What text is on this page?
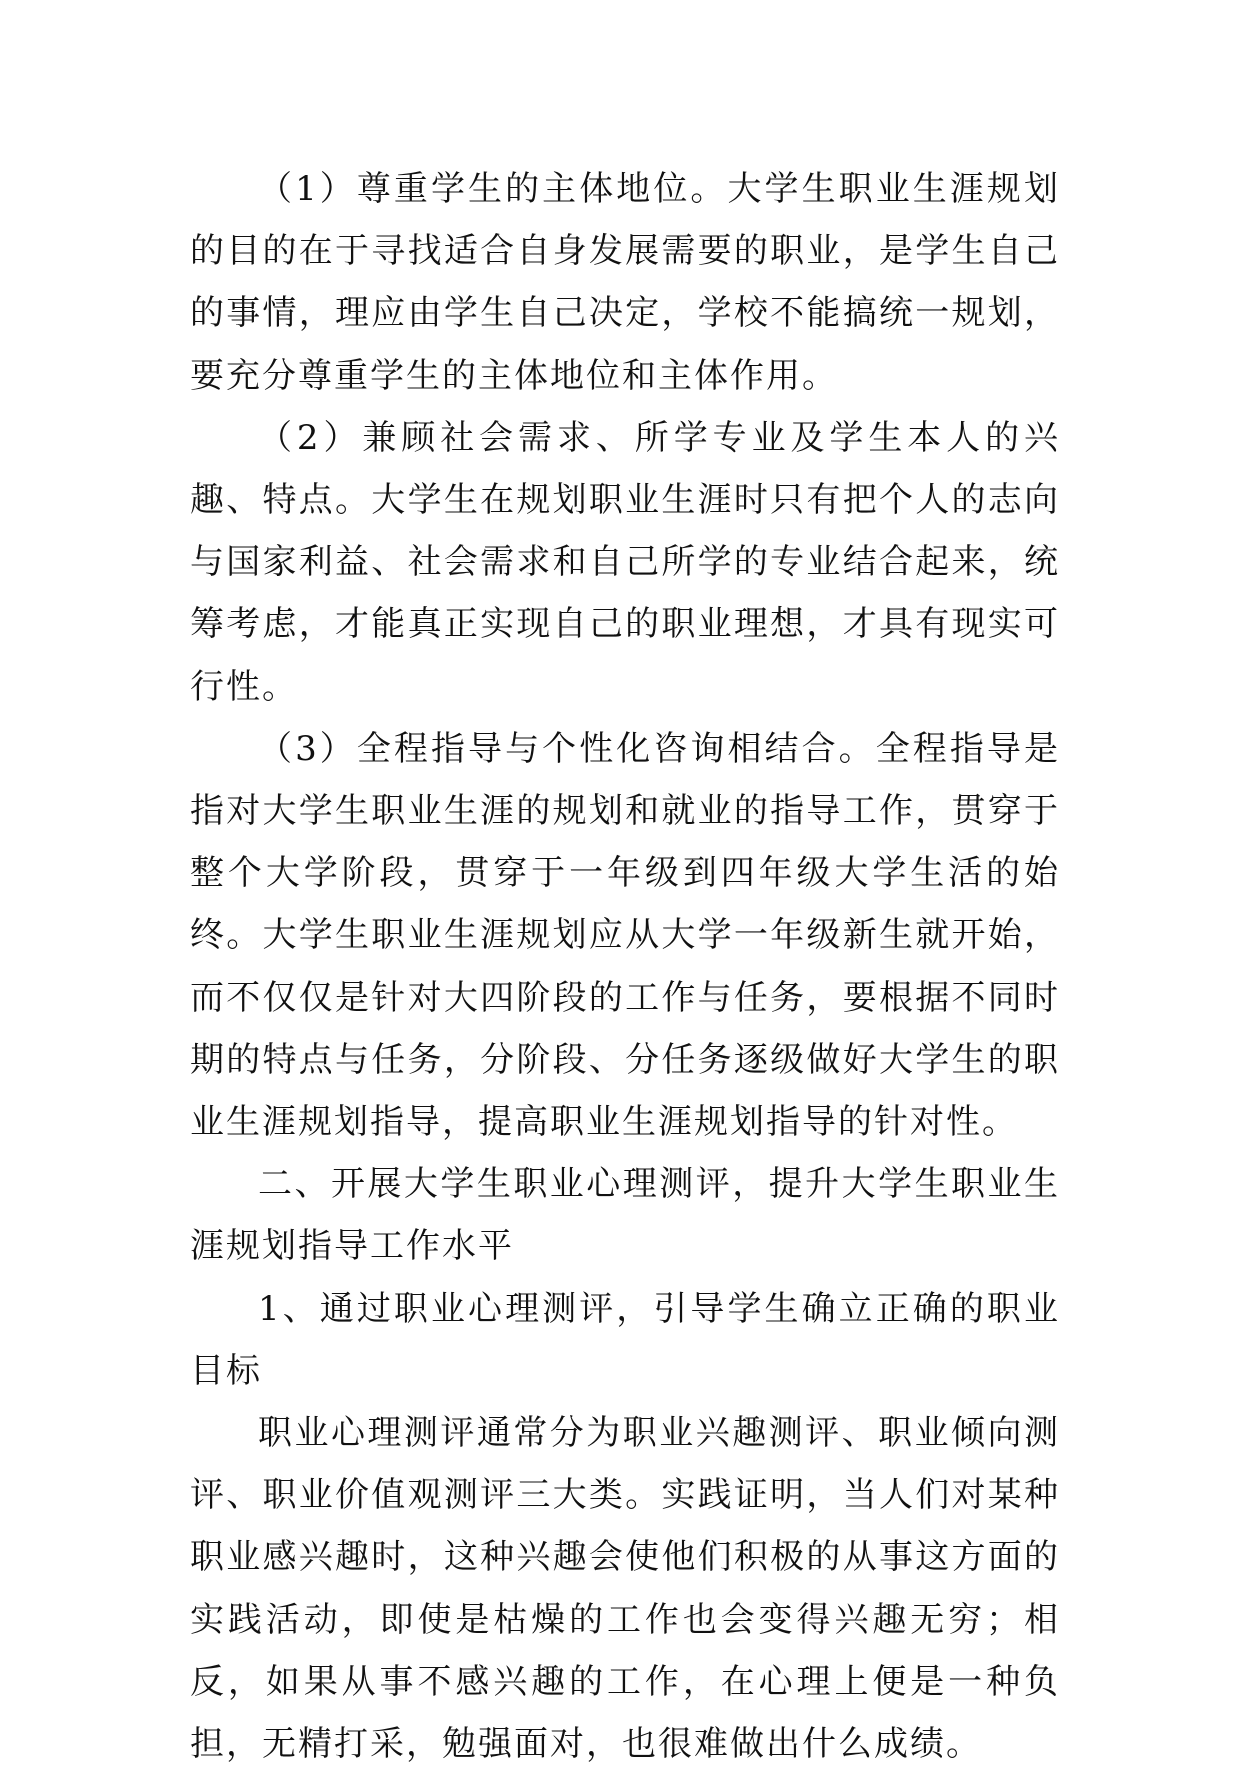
（1）尊重学生的主体地位。大学生职业生涯规划的目的在于寻找适合自身发展需要的职业，是学生自己的事情，理应由学生自己决定，学校不能搞统一规划，要充分尊重学生的主体地位和主体作用。

（2）兼顾社会需求、所学专业及学生本人的兴趣、特点。大学生在规划职业生涯时只有把个人的志向与国家利益、社会需求和自己所学的专业结合起来，统筹考虑，才能真正实现自己的职业理想，才具有现实可行性。

（3）全程指导与个性化咨询相结合。全程指导是指对大学生职业生涯的规划和就业的指导工作，贯穿于整个大学阶段，贯穿于一年级到四年级大学生活的始终。大学生职业生涯规划应从大学一年级新生就开始，而不仅仅是针对大四阶段的工作与任务，要根据不同时期的特点与任务，分阶段、分任务逐级做好大学生的职业生涯规划指导，提高职业生涯规划指导的针对性。

二、开展大学生职业心理测评，提升大学生职业生涯规划指导工作水平

1、通过职业心理测评，引导学生确立正确的职业目标

职业心理测评通常分为职业兴趣测评、职业倾向测评、职业价值观测评三大类。实践证明，当人们对某种职业感兴趣时，这种兴趣会使他们积极的从事这方面的实践活动，即使是枯燥的工作也会变得兴趣无穷；相反，如果从事不感兴趣的工作，在心理上便是一种负担，无精打采，勉强面对，也很难做出什么成绩。
